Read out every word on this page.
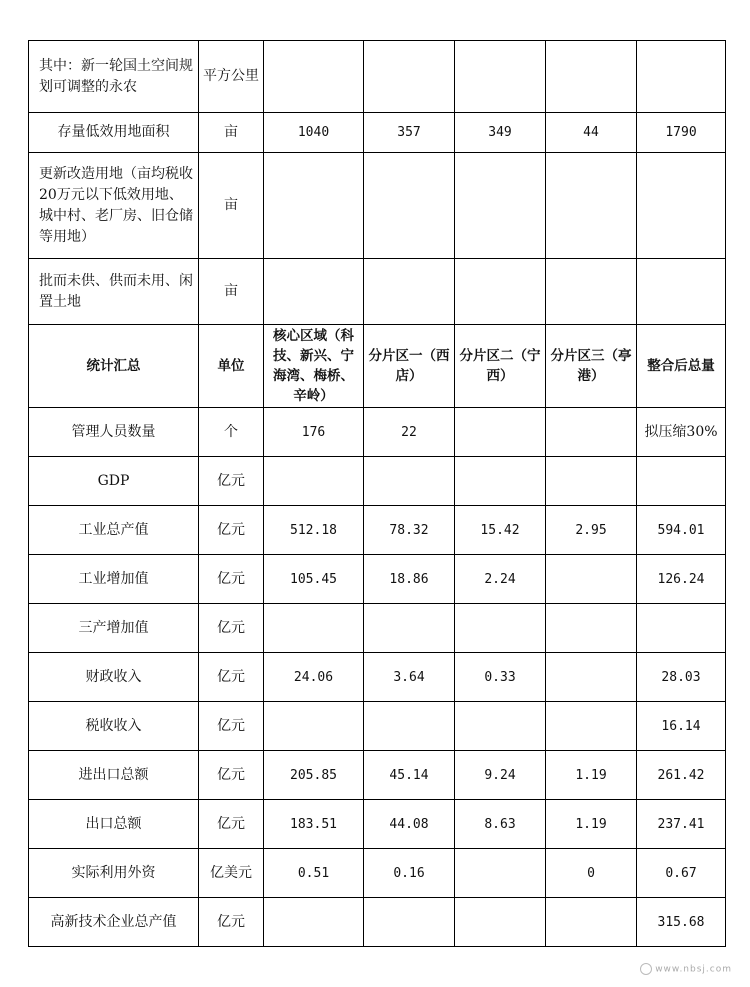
其中：新一轮国土空间规划可调整的永农	平方公里					
存量低效用地面积	亩	1040	357	349	44	1790
更新改造用地（亩均税收20万元以下低效用地、城中村、老厂房、旧仓储等用地）	亩					
批而未供、供而未用、闲置土地	亩					
统计汇总	单位	核心区域（科技、新兴、宁海湾、梅桥、辛岭）	分片区一（西店）	分片区二（宁西）	分片区三（亭港）	整合后总量
管理人员数量	个	176	22			拟压缩30%
GDP	亿元					
工业总产值	亿元	512.18	78.32	15.42	2.95	594.01
工业增加值	亿元	105.45	18.86	2.24		126.24
三产增加值	亿元					
财政收入	亿元	24.06	3.64	0.33		28.03
税收收入	亿元					16.14
进出口总额	亿元	205.85	45.14	9.24	1.19	261.42
出口总额	亿元	183.51	44.08	8.63	1.19	237.41
实际利用外资	亿美元	0.51	0.16		0	0.67
高新技术企业总产值	亿元					315.68
www.nbsj.com
